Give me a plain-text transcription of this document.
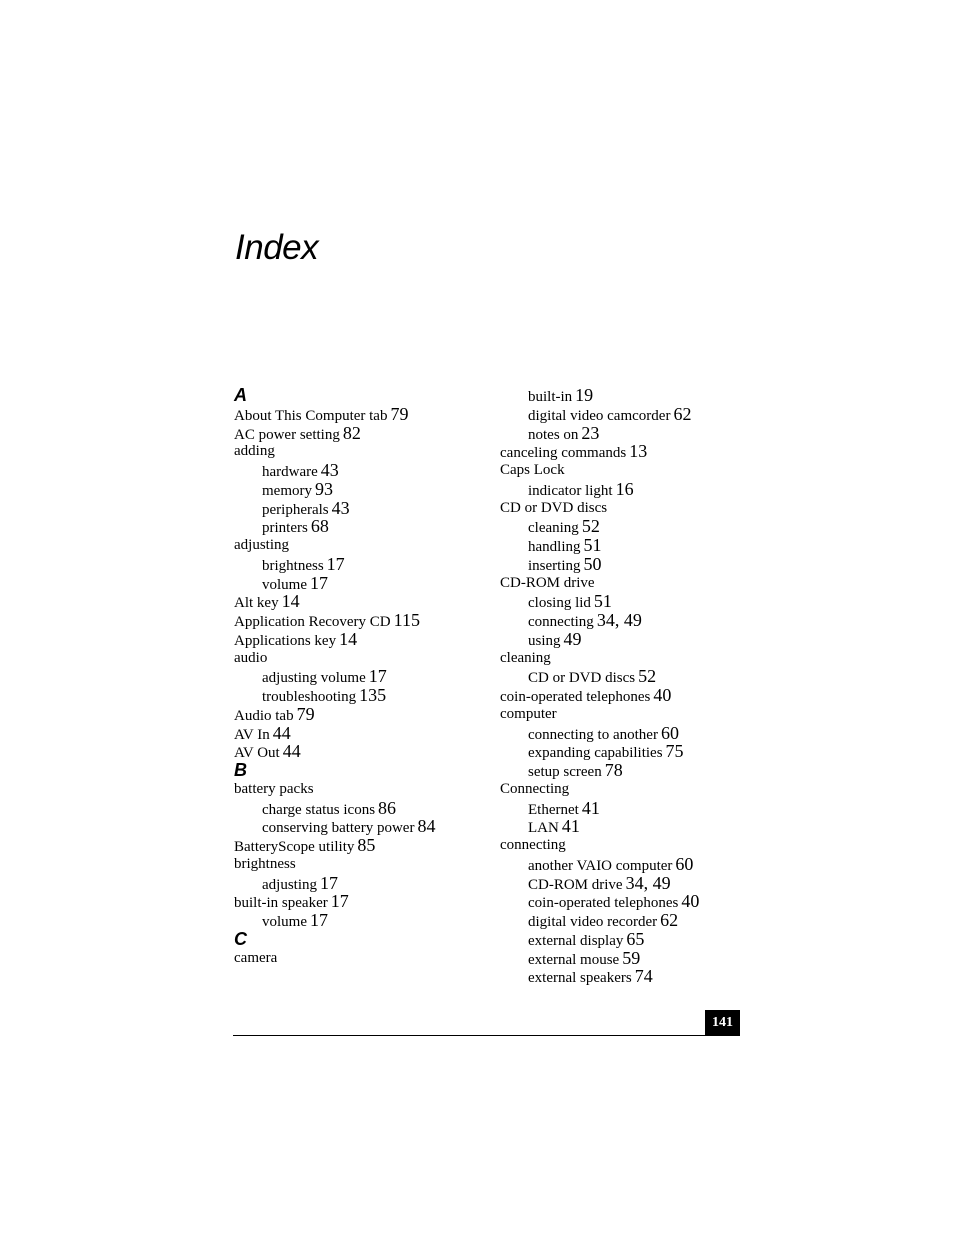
Index
A
About This Computer tab 79
AC power setting 82
adding
hardware 43
memory 93
peripherals 43
printers 68
adjusting
brightness 17
volume 17
Alt key 14
Application Recovery CD 115
Applications key 14
audio
adjusting volume 17
troubleshooting 135
Audio tab 79
AV In 44
AV Out 44
B
battery packs
charge status icons 86
conserving battery power 84
BatteryScope utility 85
brightness
adjusting 17
built-in speaker 17
volume 17
C
camera
built-in 19
digital video camcorder 62
notes on 23
canceling commands 13
Caps Lock
indicator light 16
CD or DVD discs
cleaning 52
handling 51
inserting 50
CD-ROM drive
closing lid 51
connecting 34, 49
using 49
cleaning
CD or DVD discs 52
coin-operated telephones 40
computer
connecting to another 60
expanding capabilities 75
setup screen 78
Connecting
Ethernet 41
LAN 41
connecting
another VAIO computer 60
CD-ROM drive 34, 49
coin-operated telephones 40
digital video recorder 62
external display 65
external mouse 59
external speakers 74
141
